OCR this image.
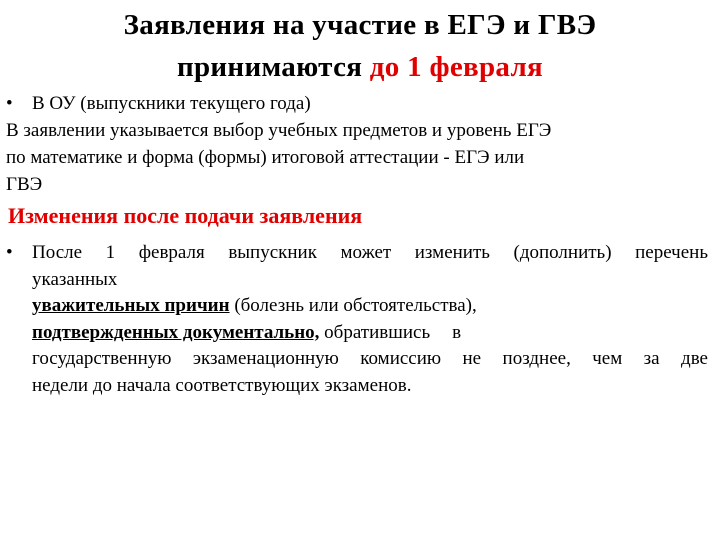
Заявления на участие в ЕГЭ и ГВЭ
принимаются до 1 февраля
• В ОУ (выпускники текущего года)
В заявлении указывается выбор учебных предметов и уровень ЕГЭ
по математике и форма (формы) итоговой аттестации - ЕГЭ или
ГВЭ
Изменения после подачи заявления
• После 1 февраля выпускник может изменить (дополнить) перечень
указанных
уважительных причин (болезнь или обстоятельства),
подтвержденных документально, обратившись в
государственную экзаменационную комиссию не позднее, чем за две
недели до начала соответствующих экзаменов.
